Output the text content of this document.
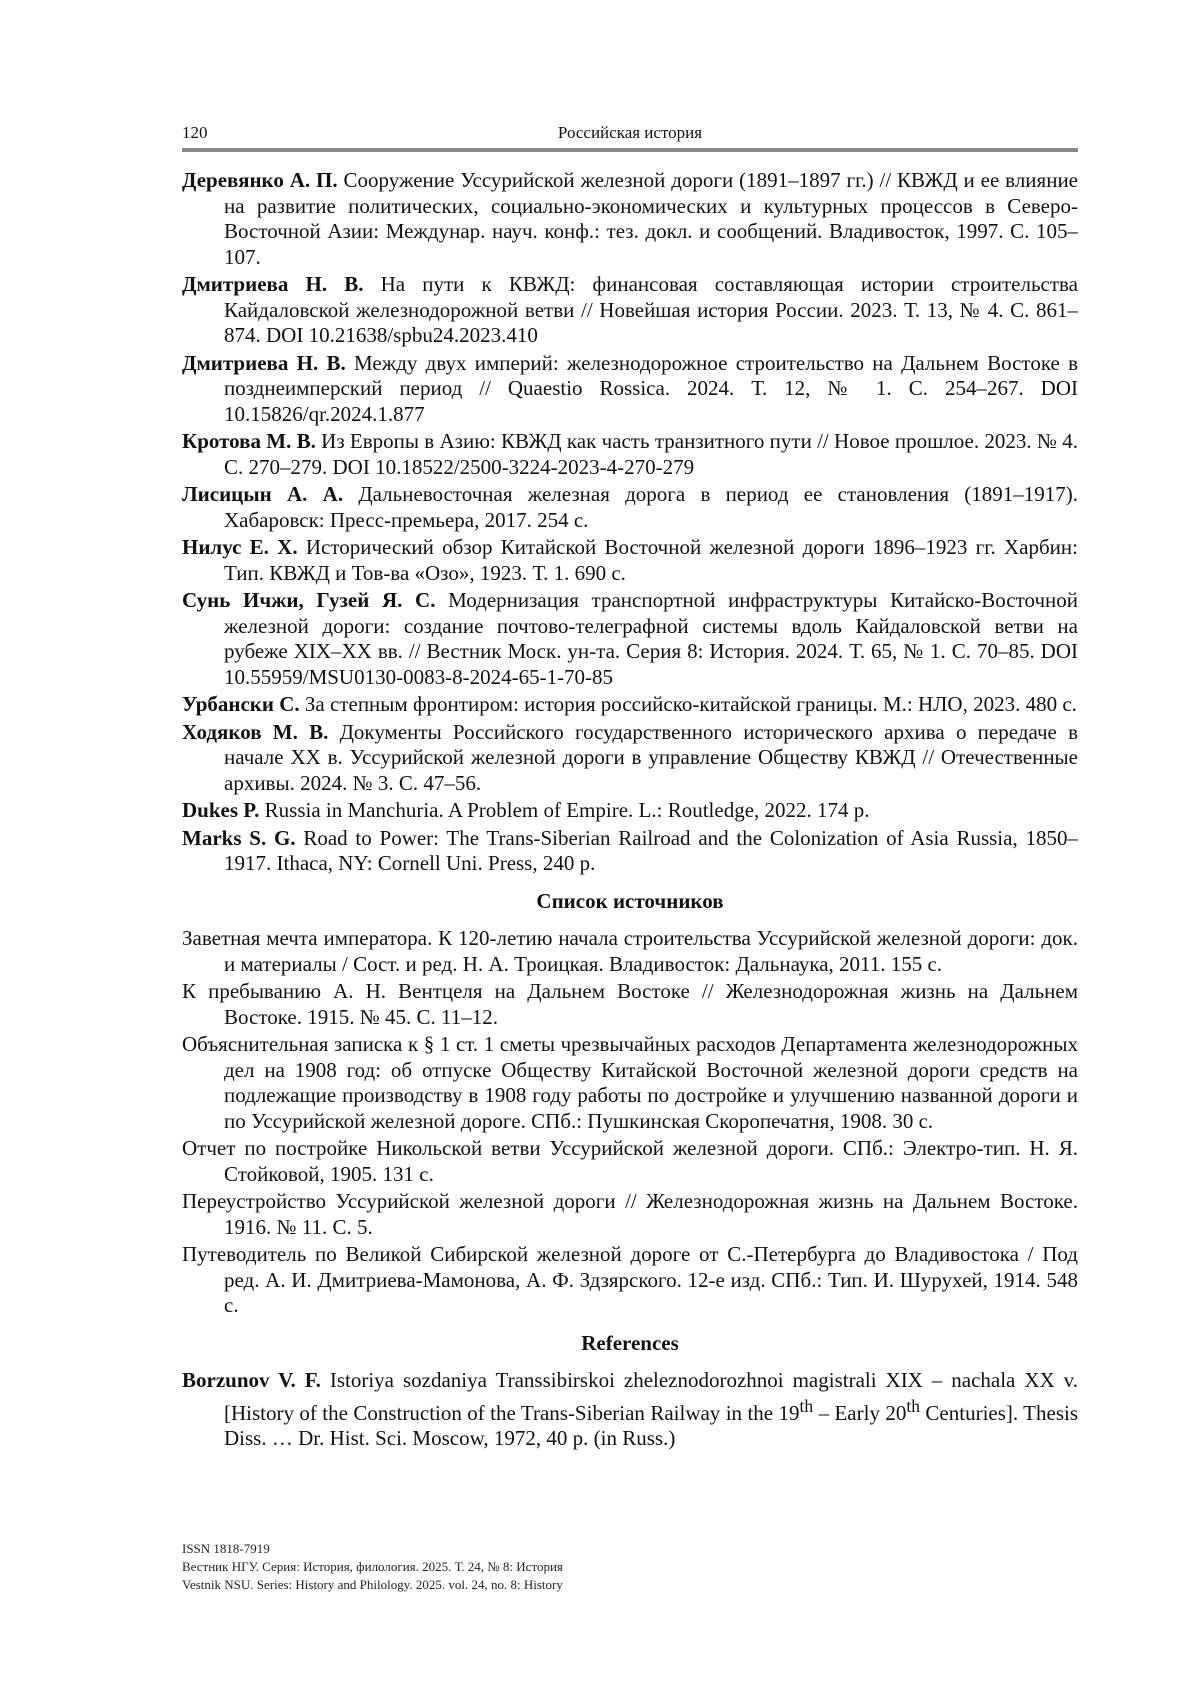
120	Российская история

Деревянко А. П. Сооружение Уссурийской железной дороги (1891–1897 гг.) // КВЖД и ее влияние на развитие политических, социально-экономических и культурных процессов в Северо-Восточной Азии: Междунар. науч. конф.: тез. докл. и сообщений. Владивосток, 1997. С. 105–107.

Дмитриева Н. В. На пути к КВЖД: финансовая составляющая истории строительства Кайдаловской железнодорожной ветви // Новейшая история России. 2023. Т. 13, № 4. С. 861–874. DOI 10.21638/spbu24.2023.410

Дмитриева Н. В. Между двух империй: железнодорожное строительство на Дальнем Востоке в позднеимперский период // Quaestio Rossica. 2024. Т. 12, № 1. С. 254–267. DOI 10.15826/qr.2024.1.877

Кротова М. В. Из Европы в Азию: КВЖД как часть транзитного пути // Новое прошлое. 2023. № 4. С. 270–279. DOI 10.18522/2500-3224-2023-4-270-279

Лисицын А. А. Дальневосточная железная дорога в период ее становления (1891–1917). Хабаровск: Пресс-премьера, 2017. 254 с.

Нилус Е. Х. Исторический обзор Китайской Восточной железной дороги 1896–1923 гг. Харбин: Тип. КВЖД и Тов-ва «Озо», 1923. Т. 1. 690 с.

Сунь Ичжи, Гузей Я. С. Модернизация транспортной инфраструктуры Китайско-Восточной железной дороги: создание почтово-телеграфной системы вдоль Кайдаловской ветви на рубеже XIX–XX вв. // Вестник Моск. ун-та. Серия 8: История. 2024. Т. 65, № 1. С. 70–85. DOI 10.55959/MSU0130-0083-8-2024-65-1-70-85

Урбански С. За степным фронтиром: история российско-китайской границы. М.: НЛО, 2023. 480 с.

Ходяков М. В. Документы Российского государственного исторического архива о передаче в начале XX в. Уссурийской железной дороги в управление Обществу КВЖД // Отечественные архивы. 2024. № 3. С. 47–56.

Dukes P. Russia in Manchuria. A Problem of Empire. L.: Routledge, 2022. 174 p.

Marks S. G. Road to Power: The Trans-Siberian Railroad and the Colonization of Asia Russia, 1850–1917. Ithaca, NY: Cornell Uni. Press, 240 p.

Список источников

Заветная мечта императора. К 120-летию начала строительства Уссурийской железной дороги: док. и материалы / Сост. и ред. Н. А. Троицкая. Владивосток: Дальнаука, 2011. 155 с.

К пребыванию А. Н. Вентцеля на Дальнем Востоке // Железнодорожная жизнь на Дальнем Востоке. 1915. № 45. С. 11–12.

Объяснительная записка к § 1 ст. 1 сметы чрезвычайных расходов Департамента железнодорожных дел на 1908 год: об отпуске Обществу Китайской Восточной железной дороги средств на подлежащие производству в 1908 году работы по достройке и улучшению названной дороги и по Уссурийской железной дороге. СПб.: Пушкинская Скоропечатня, 1908. 30 с.

Отчет по постройке Никольской ветви Уссурийской железной дороги. СПб.: Электро-тип. Н. Я. Стойковой, 1905. 131 с.

Переустройство Уссурийской железной дороги // Железнодорожная жизнь на Дальнем Востоке. 1916. № 11. С. 5.

Путеводитель по Великой Сибирской железной дороге от С.-Петербурга до Владивостока / Под ред. А. И. Дмитриева-Мамонова, А. Ф. Здзярского. 12-е изд. СПб.: Тип. И. Шурухей, 1914. 548 с.

References

Borzunov V. F. Istoriya sozdaniya Transsibirskoi zheleznodorozhnoi magistrali XIX – nachala XX v. [History of the Construction of the Trans-Siberian Railway in the 19th – Early 20th Centuries]. Thesis Diss. … Dr. Hist. Sci. Moscow, 1972, 40 p. (in Russ.)

ISSN 1818-7919
Вестник НГУ. Серия: История, филология. 2025. Т. 24, № 8: История
Vestnik NSU. Series: History and Philology. 2025. vol. 24, no. 8: History
